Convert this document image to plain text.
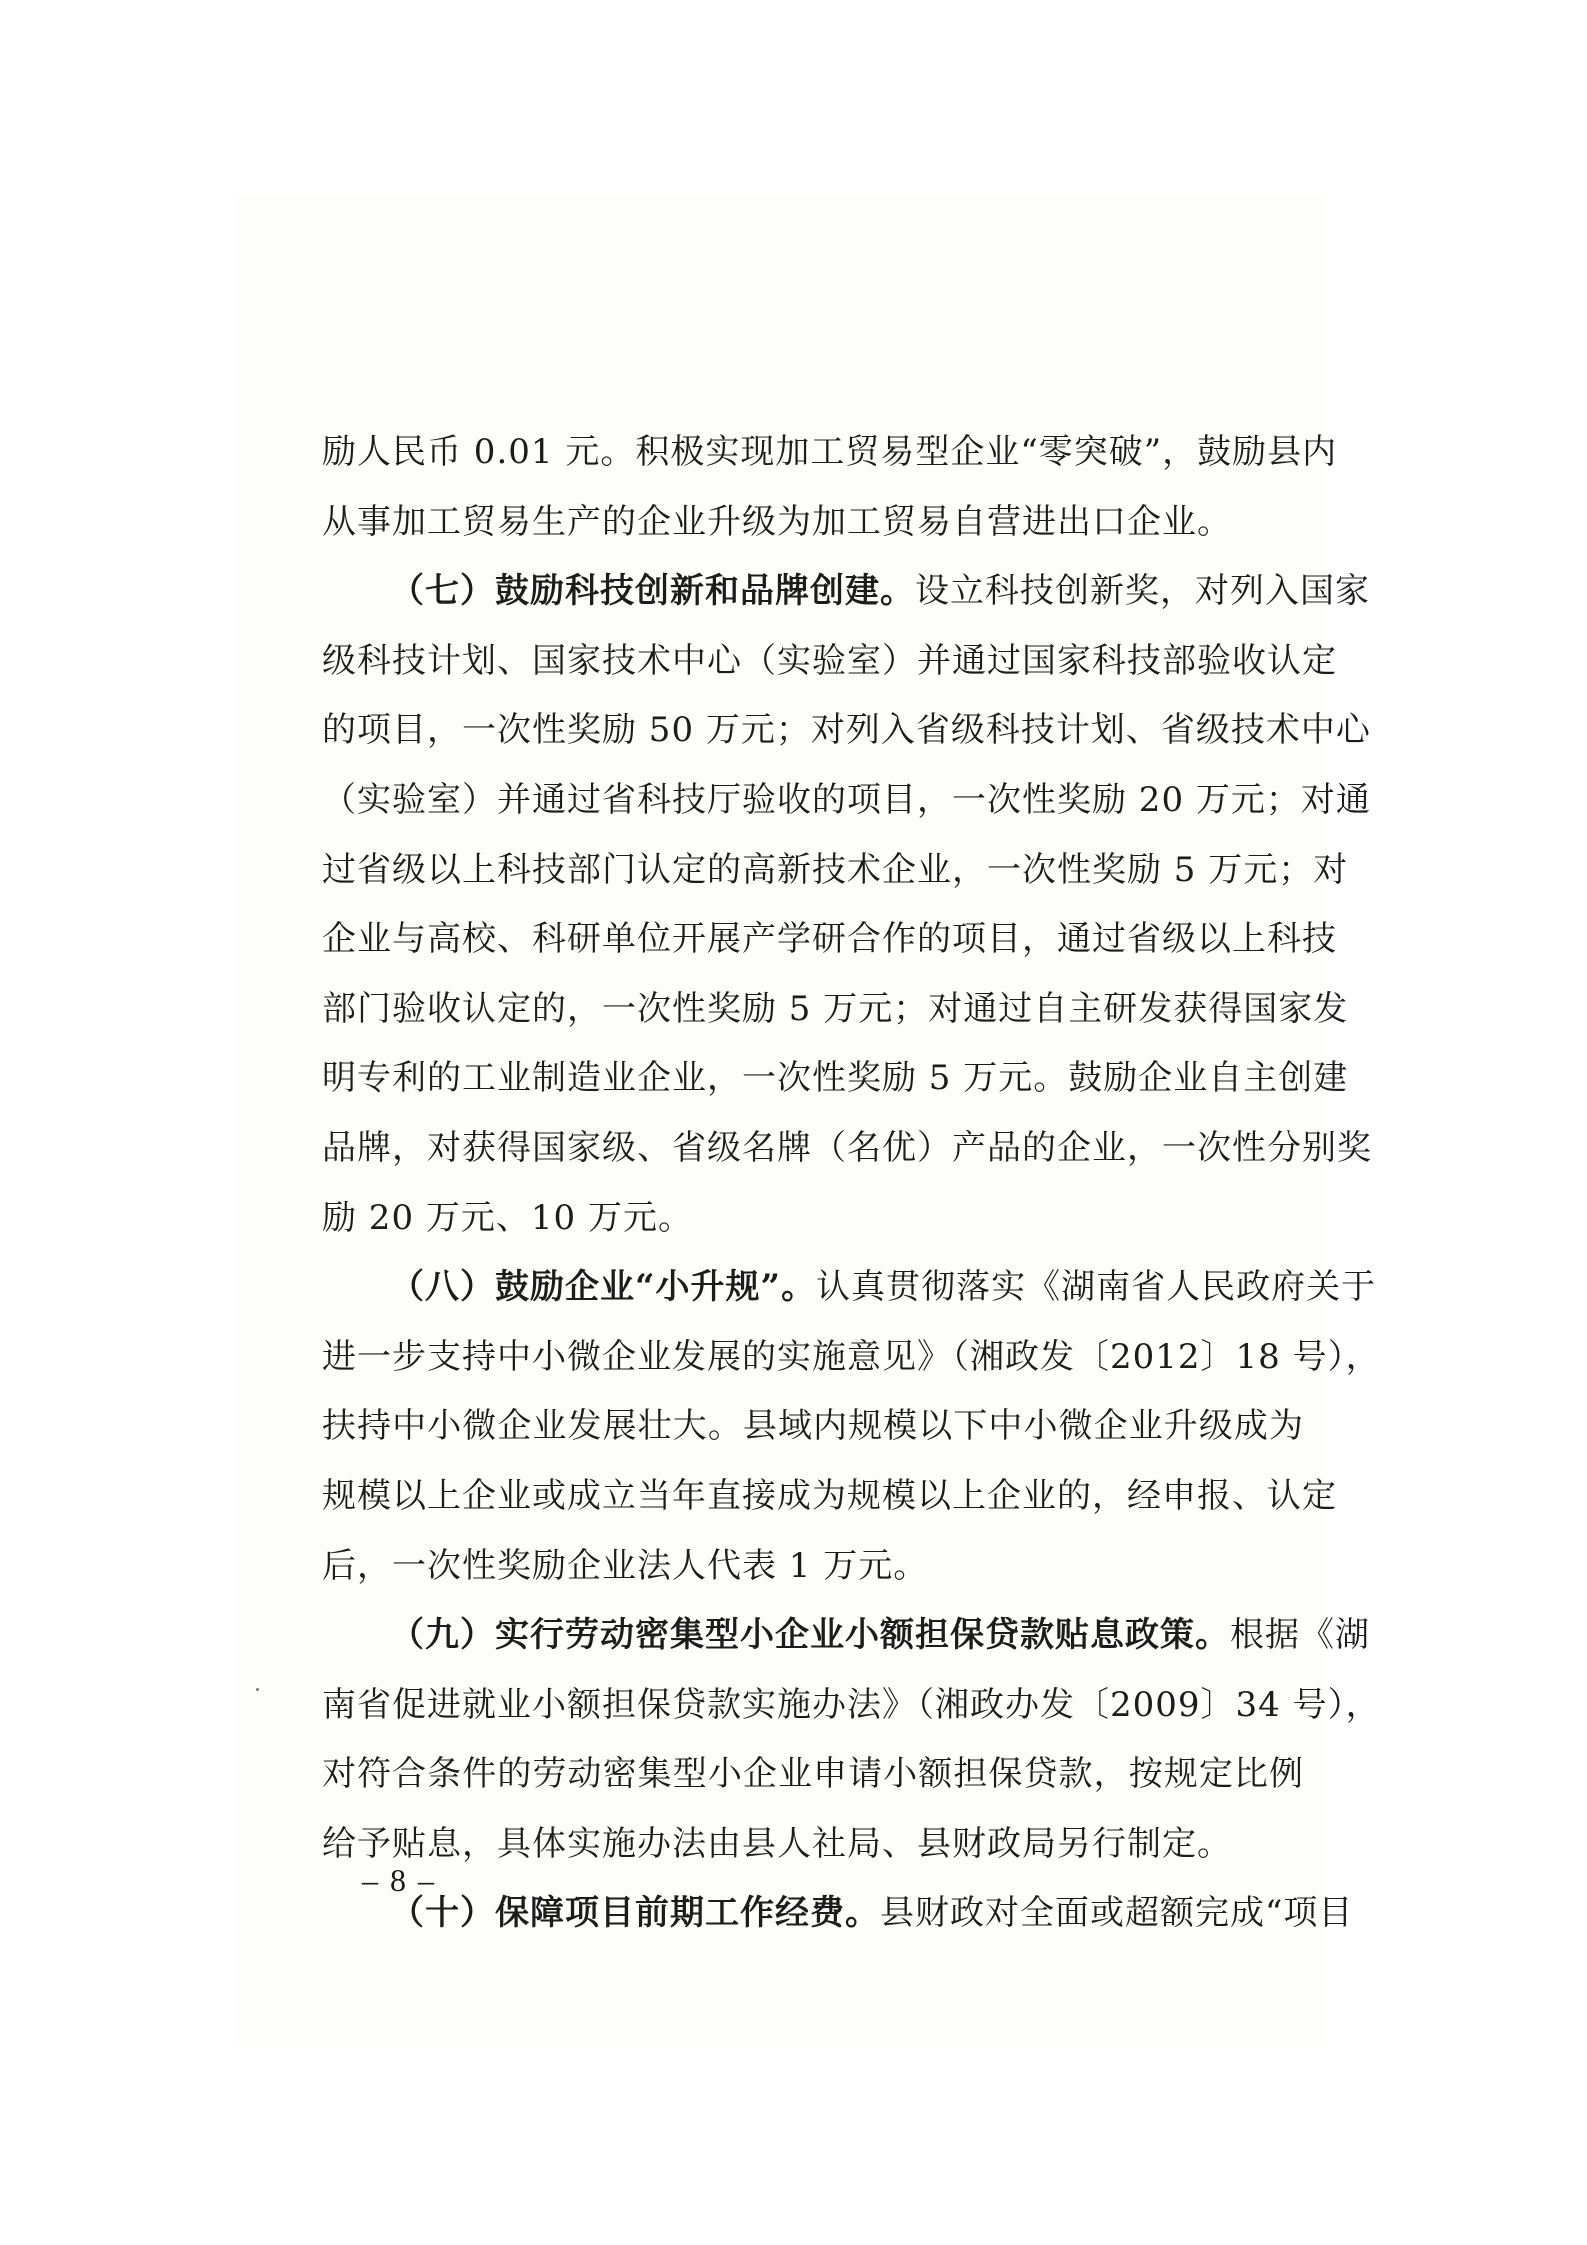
励人民币 0.01 元。积极实现加工贸易型企业“零突破”，鼓励县内
从事加工贸易生产的企业升级为加工贸易自营进出口企业。
（七）鼓励科技创新和品牌创建。设立科技创新奖，对列入国家
级科技计划、国家技术中心（实验室）并通过国家科技部验收认定
的项目，一次性奖励 50 万元；对列入省级科技计划、省级技术中心
（实验室）并通过省科技厅验收的项目，一次性奖励 20 万元；对通
过省级以上科技部门认定的高新技术企业，一次性奖励 5 万元；对
企业与高校、科研单位开展产学研合作的项目，通过省级以上科技
部门验收认定的，一次性奖励 5 万元；对通过自主研发获得国家发
明专利的工业制造业企业，一次性奖励 5 万元。鼓励企业自主创建
品牌，对获得国家级、省级名牌（名优）产品的企业，一次性分别奖
励 20 万元、10 万元。
（八）鼓励企业“小升规”。认真贯彻落实《湖南省人民政府关于
进一步支持中小微企业发展的实施意见》（湘政发〔2012〕18 号），
扶持中小微企业发展壮大。县域内规模以下中小微企业升级成为
规模以上企业或成立当年直接成为规模以上企业的，经申报、认定
后，一次性奖励企业法人代表 1 万元。
（九）实行劳动密集型小企业小额担保贷款贴息政策。根据《湖
南省促进就业小额担保贷款实施办法》（湘政办发〔2009〕34 号），
对符合条件的劳动密集型小企业申请小额担保贷款，按规定比例
给予贴息，具体实施办法由县人社局、县财政局另行制定。
（十）保障项目前期工作经费。县财政对全面或超额完成“项目
– 8 –
